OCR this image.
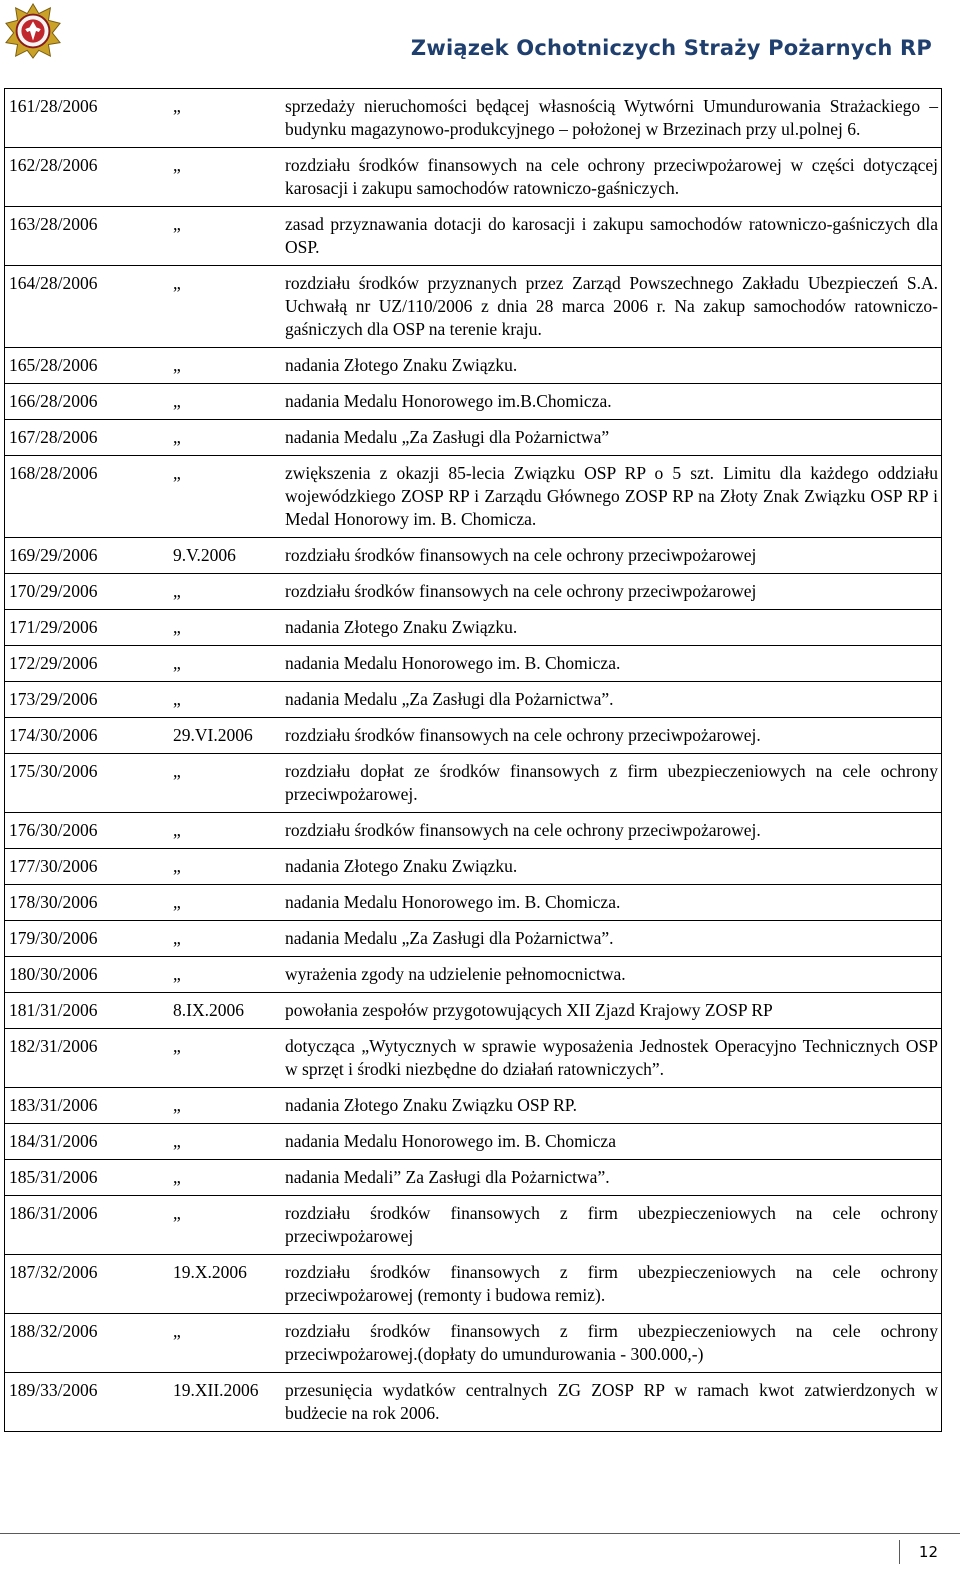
Związek Ochotniczych Straży Pożarnych RP
161/28/2006	„	sprzedaży nieruchomości będącej własnością Wytwórni Umundurowania Strażackiego – budynku magazynowo-produkcyjnego – położonej w Brzezinach przy ul.polnej 6.
162/28/2006	„	rozdziału środków finansowych na cele ochrony przeciwpożarowej w części dotyczącej karosacji i zakupu samochodów ratowniczo-gaśniczych.
163/28/2006	„	zasad przyznawania dotacji do karosacji i zakupu samochodów ratowniczo-gaśniczych dla OSP.
164/28/2006	„	rozdziału środków przyznanych przez Zarząd Powszechnego Zakładu Ubezpieczeń S.A. Uchwałą nr UZ/110/2006 z dnia 28 marca 2006 r. Na zakup samochodów ratowniczo-gaśniczych dla OSP na terenie kraju.
165/28/2006	„	nadania Złotego Znaku Związku.
166/28/2006	„	nadania Medalu Honorowego im.B.Chomicza.
167/28/2006	„	nadania Medalu „Za Zasługi dla Pożarnictwa”
168/28/2006	„	zwiększenia z okazji 85-lecia Związku OSP RP o 5 szt. Limitu dla każdego oddziału wojewódzkiego ZOSP RP i Zarządu Głównego ZOSP RP na Złoty Znak Związku OSP RP i Medal Honorowy im. B. Chomicza.
169/29/2006	9.V.2006	rozdziału środków finansowych na cele ochrony przeciwpożarowej
170/29/2006	„	rozdziału środków finansowych na cele ochrony przeciwpożarowej
171/29/2006	„	nadania Złotego Znaku Związku.
172/29/2006	„	nadania Medalu Honorowego im. B. Chomicza.
173/29/2006	„	nadania Medalu „Za Zasługi dla Pożarnictwa”.
174/30/2006	29.VI.2006	rozdziału środków finansowych na cele ochrony przeciwpożarowej.
175/30/2006	„	rozdziału dopłat ze środków finansowych z firm ubezpieczeniowych na cele ochrony przeciwpożarowej.
176/30/2006	„	rozdziału środków finansowych na cele ochrony przeciwpożarowej.
177/30/2006	„	nadania Złotego Znaku Związku.
178/30/2006	„	nadania Medalu Honorowego im. B. Chomicza.
179/30/2006	„	nadania Medalu „Za Zasługi dla Pożarnictwa”.
180/30/2006	„	wyrażenia zgody na udzielenie pełnomocnictwa.
181/31/2006	8.IX.2006	powołania zespołów przygotowujących XII Zjazd Krajowy ZOSP RP
182/31/2006	„	dotycząca „Wytycznych w sprawie wyposażenia Jednostek Operacyjno Technicznych OSP w sprzęt i środki niezbędne do działań ratowniczych”.
183/31/2006	„	nadania Złotego Znaku Związku OSP RP.
184/31/2006	„	nadania Medalu Honorowego im. B. Chomicza
185/31/2006	„	nadania Medali” Za Zasługi dla Pożarnictwa”.
186/31/2006	„	rozdziału środków finansowych z firm ubezpieczeniowych na cele ochrony przeciwpożarowej
187/32/2006	19.X.2006	rozdziału środków finansowych z firm ubezpieczeniowych na cele ochrony przeciwpożarowej (remonty i budowa remiz).
188/32/2006	„	rozdziału środków finansowych z firm ubezpieczeniowych na cele ochrony przeciwpożarowej.(dopłaty do umundurowania - 300.000,-)
189/33/2006	19.XII.2006	przesunięcia wydatków centralnych ZG ZOSP RP w ramach kwot zatwierdzonych w budżecie na rok 2006.
12
